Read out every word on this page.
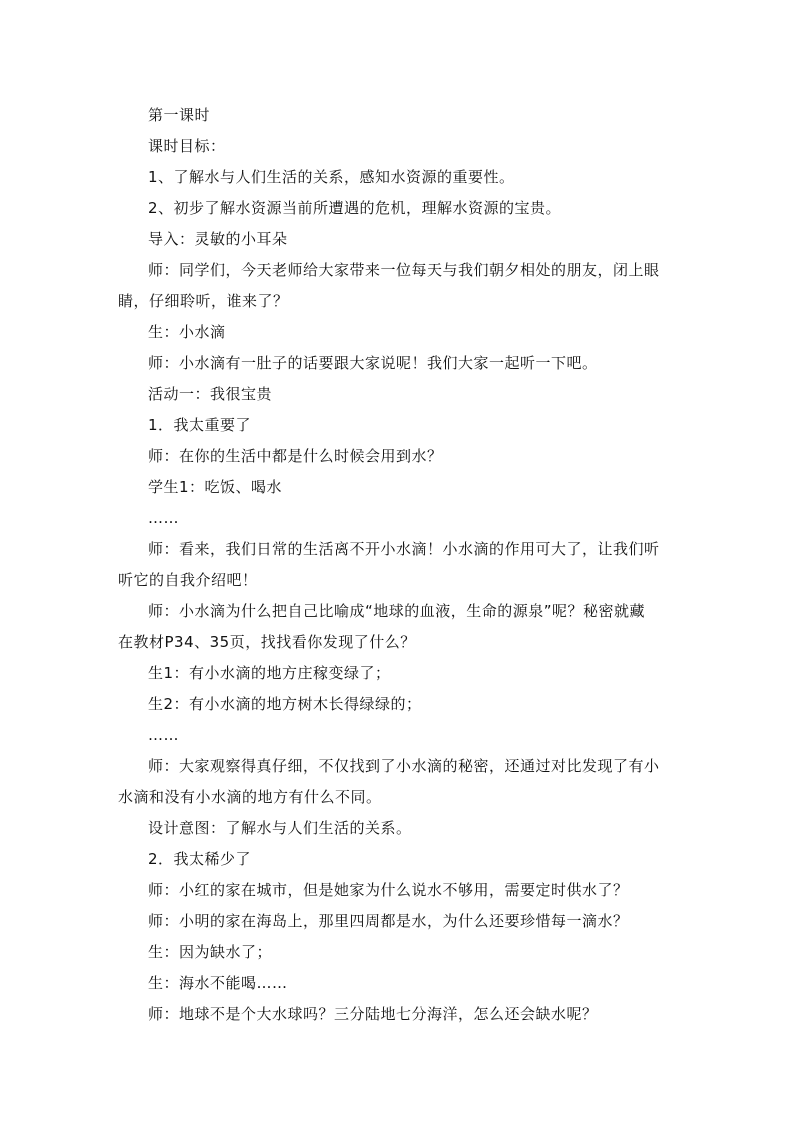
第一课时
课时目标：
1、了解水与人们生活的关系，感知水资源的重要性。
2、初步了解水资源当前所遭遇的危机，理解水资源的宝贵。
导入：灵敏的小耳朵
师：同学们，今天老师给大家带来一位每天与我们朝夕相处的朋友，闭上眼
睛，仔细聆听，谁来了？
生：小水滴
师：小水滴有一肚子的话要跟大家说呢！我们大家一起听一下吧。
活动一：我很宝贵
1．我太重要了
师：在你的生活中都是什么时候会用到水？
学生1：吃饭、喝水
……
师：看来，我们日常的生活离不开小水滴！小水滴的作用可大了，让我们听
听它的自我介绍吧！
师：小水滴为什么把自己比喻成“地球的血液，生命的源泉”呢？秘密就藏
在教材P34、35页，找找看你发现了什么？
生1：有小水滴的地方庄稼变绿了；
生2：有小水滴的地方树木长得绿绿的；
……
师：大家观察得真仔细，不仅找到了小水滴的秘密，还通过对比发现了有小
水滴和没有小水滴的地方有什么不同。
设计意图：了解水与人们生活的关系。
2．我太稀少了
师：小红的家在城市，但是她家为什么说水不够用，需要定时供水了？
师：小明的家在海岛上，那里四周都是水，为什么还要珍惜每一滴水？
生：因为缺水了；
生：海水不能喝……
师：地球不是个大水球吗？三分陆地七分海洋，怎么还会缺水呢？
